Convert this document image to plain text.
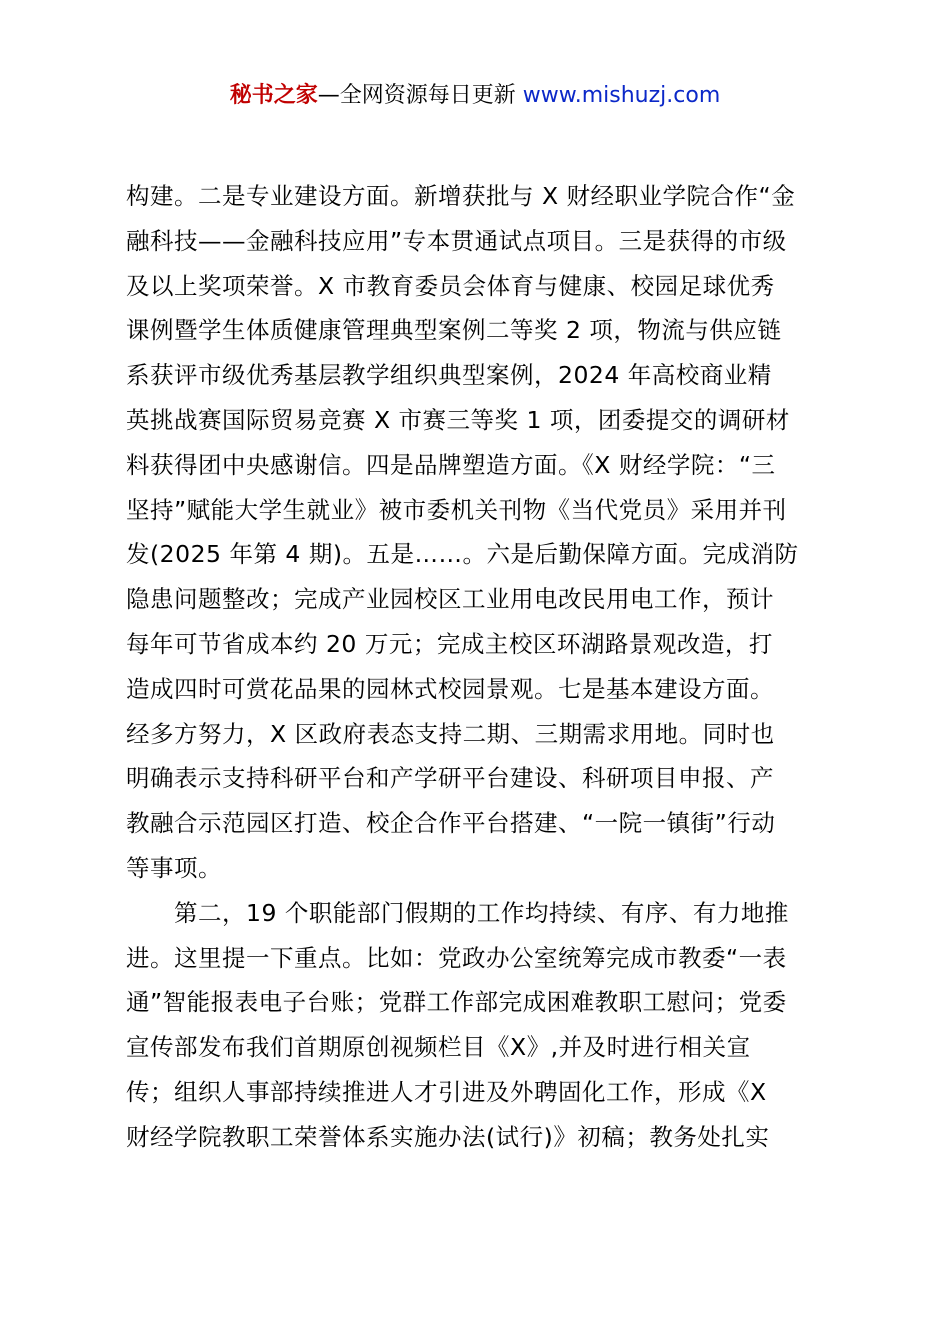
秘书之家—全网资源每日更新 www.mishuzj.com
构建。二是专业建设方面。新增获批与 X 财经职业学院合作“金
融科技——金融科技应用”专本贯通试点项目。三是获得的市级
及以上奖项荣誉。X 市教育委员会体育与健康、校园足球优秀
课例暨学生体质健康管理典型案例二等奖 2 项，物流与供应链
系获评市级优秀基层教学组织典型案例，2024 年高校商业精
英挑战赛国际贸易竞赛 X 市赛三等奖 1 项，团委提交的调研材
料获得团中央感谢信。四是品牌塑造方面。《X 财经学院：“三
坚持”赋能大学生就业》被市委机关刊物《当代党员》采用并刊
发(2025 年第 4 期)。五是……。六是后勤保障方面。完成消防
隐患问题整改；完成产业园校区工业用电改民用电工作，预计
每年可节省成本约 20 万元；完成主校区环湖路景观改造，打
造成四时可赏花品果的园林式校园景观。七是基本建设方面。
经多方努力，X 区政府表态支持二期、三期需求用地。同时也
明确表示支持科研平台和产学研平台建设、科研项目申报、产
教融合示范园区打造、校企合作平台搭建、“一院一镇街”行动
等事项。
　　第二，19 个职能部门假期的工作均持续、有序、有力地推
进。这里提一下重点。比如：党政办公室统筹完成市教委“一表
通”智能报表电子台账；党群工作部完成困难教职工慰问；党委
宣传部发布我们首期原创视频栏目《X》,并及时进行相关宣
传；组织人事部持续推进人才引进及外聘固化工作，形成《X
财经学院教职工荣誉体系实施办法(试行)》初稿；教务处扎实
